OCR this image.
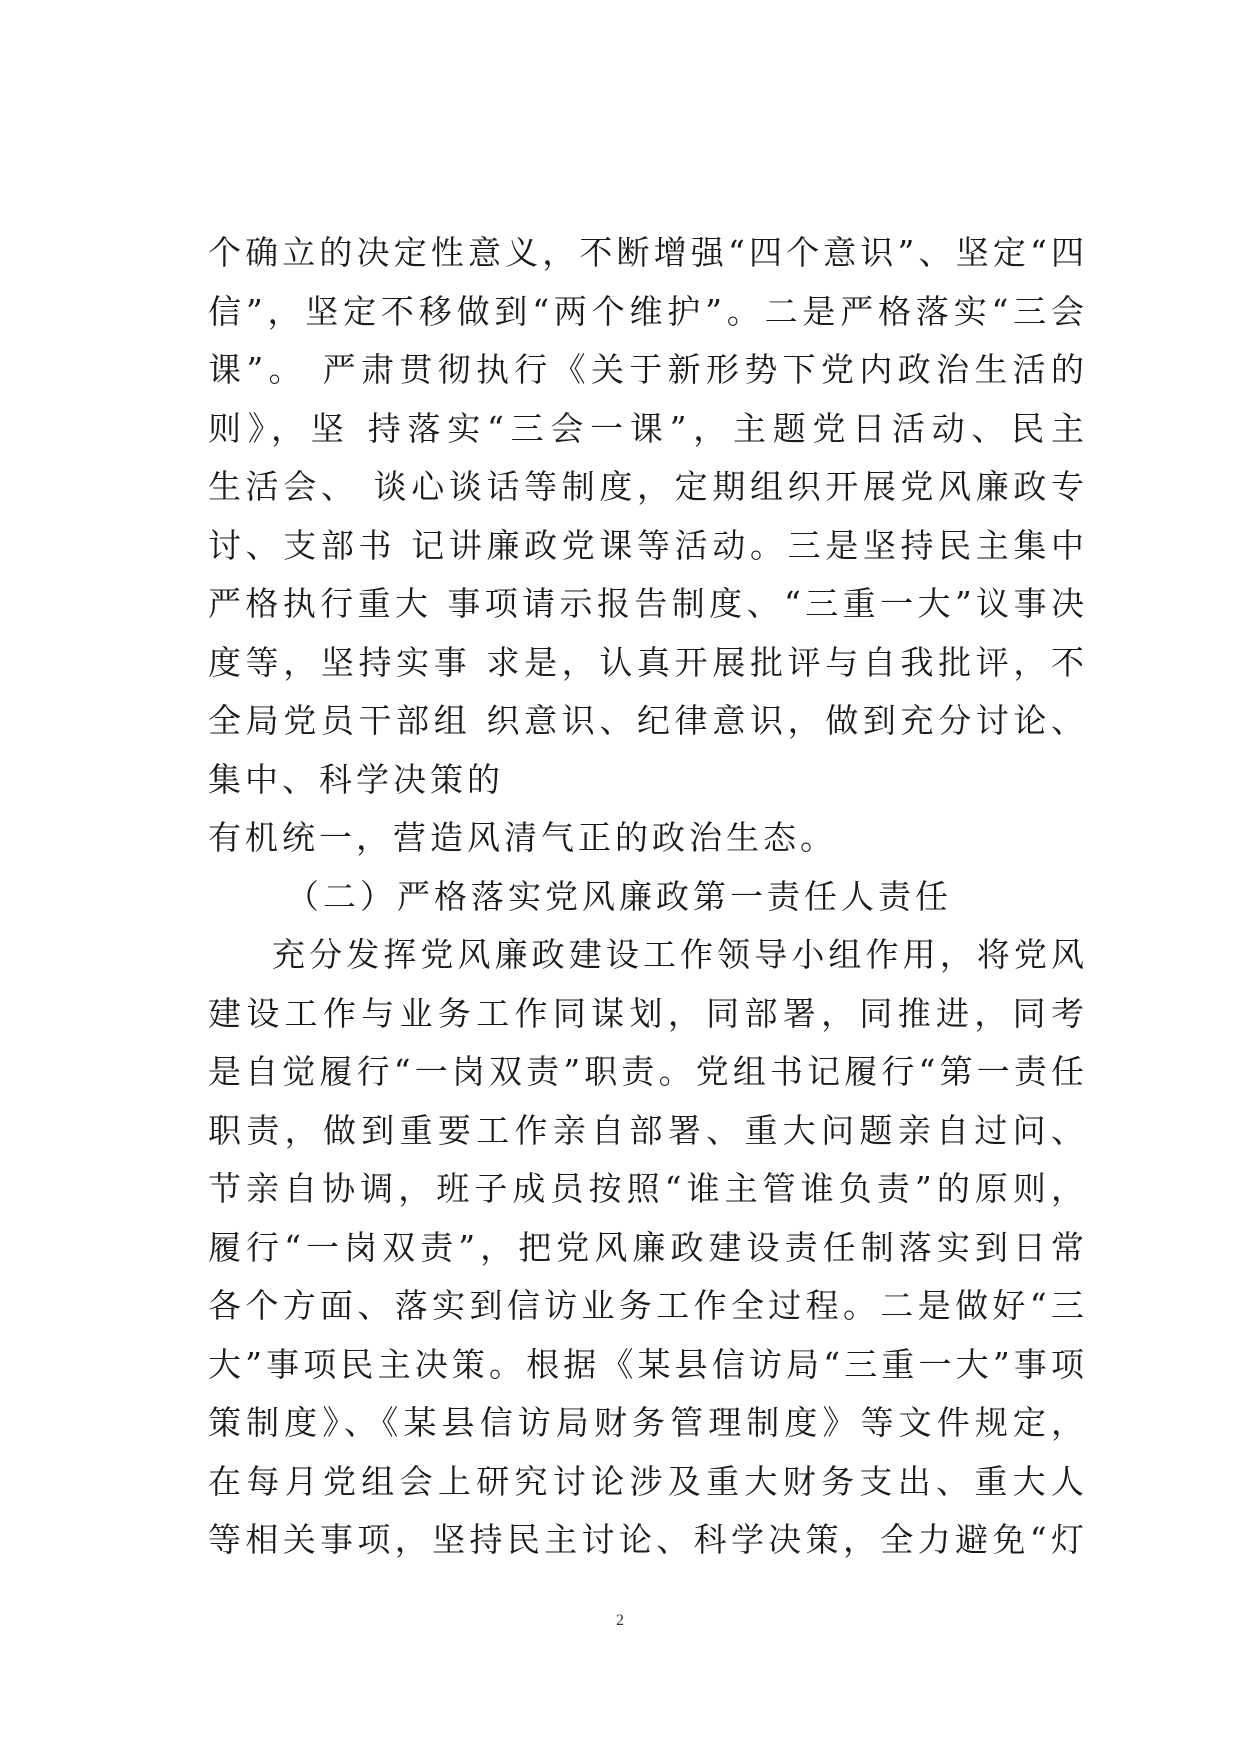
个确立的决定性意义，不断增强“四个意识”、坚定“四
信”，坚定不移做到“两个维护”。二是严格落实“三会
课”。 严肃贯彻执行《关于新形势下党内政治生活的
则》，坚 持落实“三会一课”，主题党日活动、民主
生活会、 谈心谈话等制度，定期组织开展党风廉政专
讨、支部书 记讲廉政党课等活动。三是坚持民主集中
严格执行重大 事项请示报告制度、“三重一大”议事决
度等，坚持实事 求是，认真开展批评与自我批评，不
全局党员干部组 织意识、纪律意识，做到充分讨论、
集中、科学决策的
有机统一，营造风清气正的政治生态。
（二）严格落实党风廉政第一责任人责任
充分发挥党风廉政建设工作领导小组作用，将党风
建设工作与业务工作同谋划，同部署，同推进，同考
是自觉履行“一岗双责”职责。党组书记履行“第一责任
职责，做到重要工作亲自部署、重大问题亲自过问、
节亲自协调，班子成员按照“谁主管谁负责”的原则，
履行“一岗双责”，把党风廉政建设责任制落实到日常
各个方面、落实到信访业务工作全过程。二是做好“三
大”事项民主决策。根据《某县信访局“三重一大”事项
策制度》、《某县信访局财务管理制度》等文件规定，
在每月党组会上研究讨论涉及重大财务支出、重大人
等相关事项，坚持民主讨论、科学决策，全力避免“灯
2
